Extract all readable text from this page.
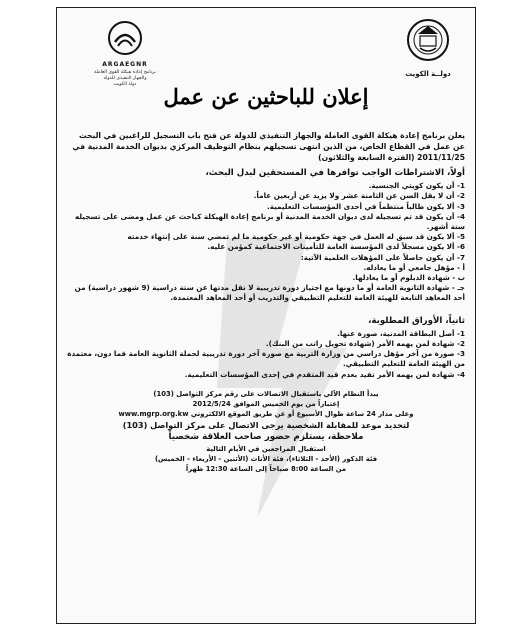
ARGAEGNR
برنامج إعادة هيكلة القوى العاملة
والجهاز التنفيذي للدولة
دولة الكويت
دولــة الكويت
إعلان للباحثين عن عمل
يعلن برنامج إعادة هيكلة القوى العاملة والجهاز التنفيذي للدولة عن فتح باب التسجيل للراغبين في البحث عن عمل في القطاع الخاص، من الذين انتهى تسجيلهم بنظام التوظيف المركزي بديوان الخدمة المدنية في 2011/11/25 (الفترة السابعة والثلاثون)
أولاً، الاشتراطات الواجب توافرها في المستحقين لبدل البحث،
1- أن يكون كويتي الجنسية.
2- أن لا يقل السن عن الثامنة عشر ولا يزيد عن أربعين عاماً.
3- ألا يكون طالباً منتظماً في أحدى المؤسسات التعليمية.
4- أن يكون قد تم تسجيله لدى ديوان الخدمة المدنية أو برنامج إعادة الهيكلة كباحث عن عمل ومضى على تسجيله ستة أشهر.
5- ألا يكون قد سبق له العمل في جهة حكومية أو غير حكومية ما لم تمضي سنة على إنتهاء خدمته
6- ألا يكون مسجلاً لدى المؤسسة العامة للتأمينات الاجتماعية كمؤمن عليه.
7- أن يكون حاصلاً على المؤهلات العلمية الآتية:
أ - مؤهل جامعي أو ما يعادله.
ب - شهادة الدبلوم أو ما يعادلها.
جـ - شهادة الثانوية العامة أو ما دونها مع اجتياز دورة تدريبية لا تقل مدتها عن ستة دراسية (9 شهور دراسية) من أحد المعاهد التابعة للهيئة العامة للتعليم التطبيقي والتدريب أو أحد المعاهد المعتمدة.
ثانياً، الأوراق المطلوبة،
1- أصل البطاقة المدنية، صورة عنها.
2- شهادة لمن يهمه الأمر (شهادة تحويل راتب من البنك).
3- صورة من آخر مؤهل دراسي من وزارة التربية مع صورة آخر دورة تدريبية لحملة الثانوية العامة فما دون، معتمدة من الهيئة العامة للتعليم التطبيقي.
4- شهادة لمن يهمه الأمر تفيد بعدم قيد المتقدم في إحدى المؤسسات التعليمية.
يبدأ النظام الآلي باستقبال الاتصالات على رقم مركز التواصل (103)
إعتباراً من يوم الخميس الموافق 2012/5/24
وعلى مدار 24 ساعة طوال الأسبوع أو عن طريق الموقع الالكتروني www.mgrp.org.kw
لتحديد موعد للمقابلة الشخصية يرجى الاتصال على مركز التواصل (103)
ملاحظة، يستلزم حضور صاحب العلاقة شخصياً
استقبال المراجعين في الأيام التالية
فئة الذكور (الأحد - الثلاثاء)، فئة الأناث (الأثنين - الأربعاء - الخميس)
من الساعة 8:00 صباحاً إلى الساعة 12:30 ظهراً
